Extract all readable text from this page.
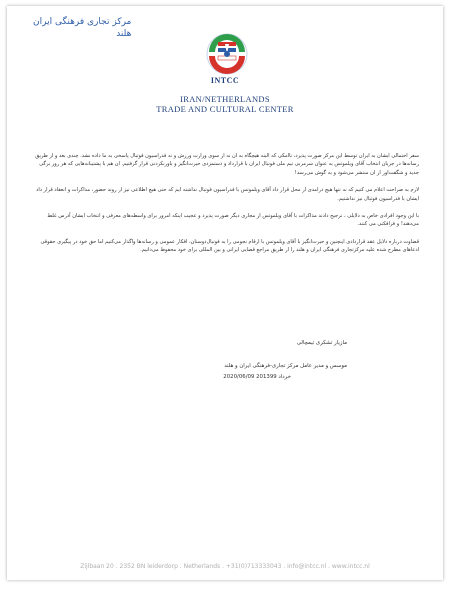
مرکز تجاری فرهنگی ایران
هلند
INTCC
IRAN/NETHERLANDS
TRADE AND CULTURAL CENTER

سفر احتمالی ایشان به ایران توسط این مرکز صورت پذیرد، ناامکی که البته هیچگاه به ان نه از سوی وزارت ورزش و نه فدراسیون فوتبال پاسخی به ما داده نشد. چندی بعد و از طریق رسانه‌ها در جریان انتخاب آقای ویلموتس به عنوان سرمربی تیم ملی فوتبال ایران با قرارداد و دستمزدی حیرت‌انگیز و باورنکردنی قرار گرفتیم. ان هم با پشتیبانه‌هایی که هر روز برگی جدید و شگفت‌اور از ان منتشر می‌شود و به گوش می‌رسد!

لازم به صراحت اعلام می کنیم که نه تنها هیچ درامدی از محل قرار داد آقای ویلموتس با فدراسیون فوتبال نداشته ایم که حتی هیچ اطلاعی نیز از روند حضور، مذاکرات و انعقاد قرار داد ایشان با فدراسیون فوتبال نیز نداشتیم.

با این وجود افرادی خاص به دلایلی ، ترجیح دادند مذاکرات با آقای ویلموتس از مجاری دیگر صورت پذیرد و عجیب اینکه امروز برای واسطه‌های معرفی و انتخاب ایشان آدرس غلط می‌دهند! و فرافکنی می کنند.

قضاوت درباره دلایل عقد قراردادی اینچنین و حیرت‌انگیز با آقای ویلموتس با ارقام نجومی را به فوتبال‌دوستان، افکار عمومی و رسانه‌ها واگذار می‌کنیم اما حق خود در پیگیری حقوقی ادعاهای مطرح شده علیه مرکزتجاری فرهنگی ایران و هلند را از طریق مراجع قضایی ایرانی و بین المللی برای خود محفوظ می‌دانیم.

مازیار تشکری تیمچالی
موسس و مدیر عامل مرکز تجاری-فرهنگی ایران و هلند
2020/06/09 20خرداد 1399
Zijlbaan 20 . 2352 BN leiderdorp . Netherlands . +31(0)713333043 . info@intcc.nl . www.intcc.nl
